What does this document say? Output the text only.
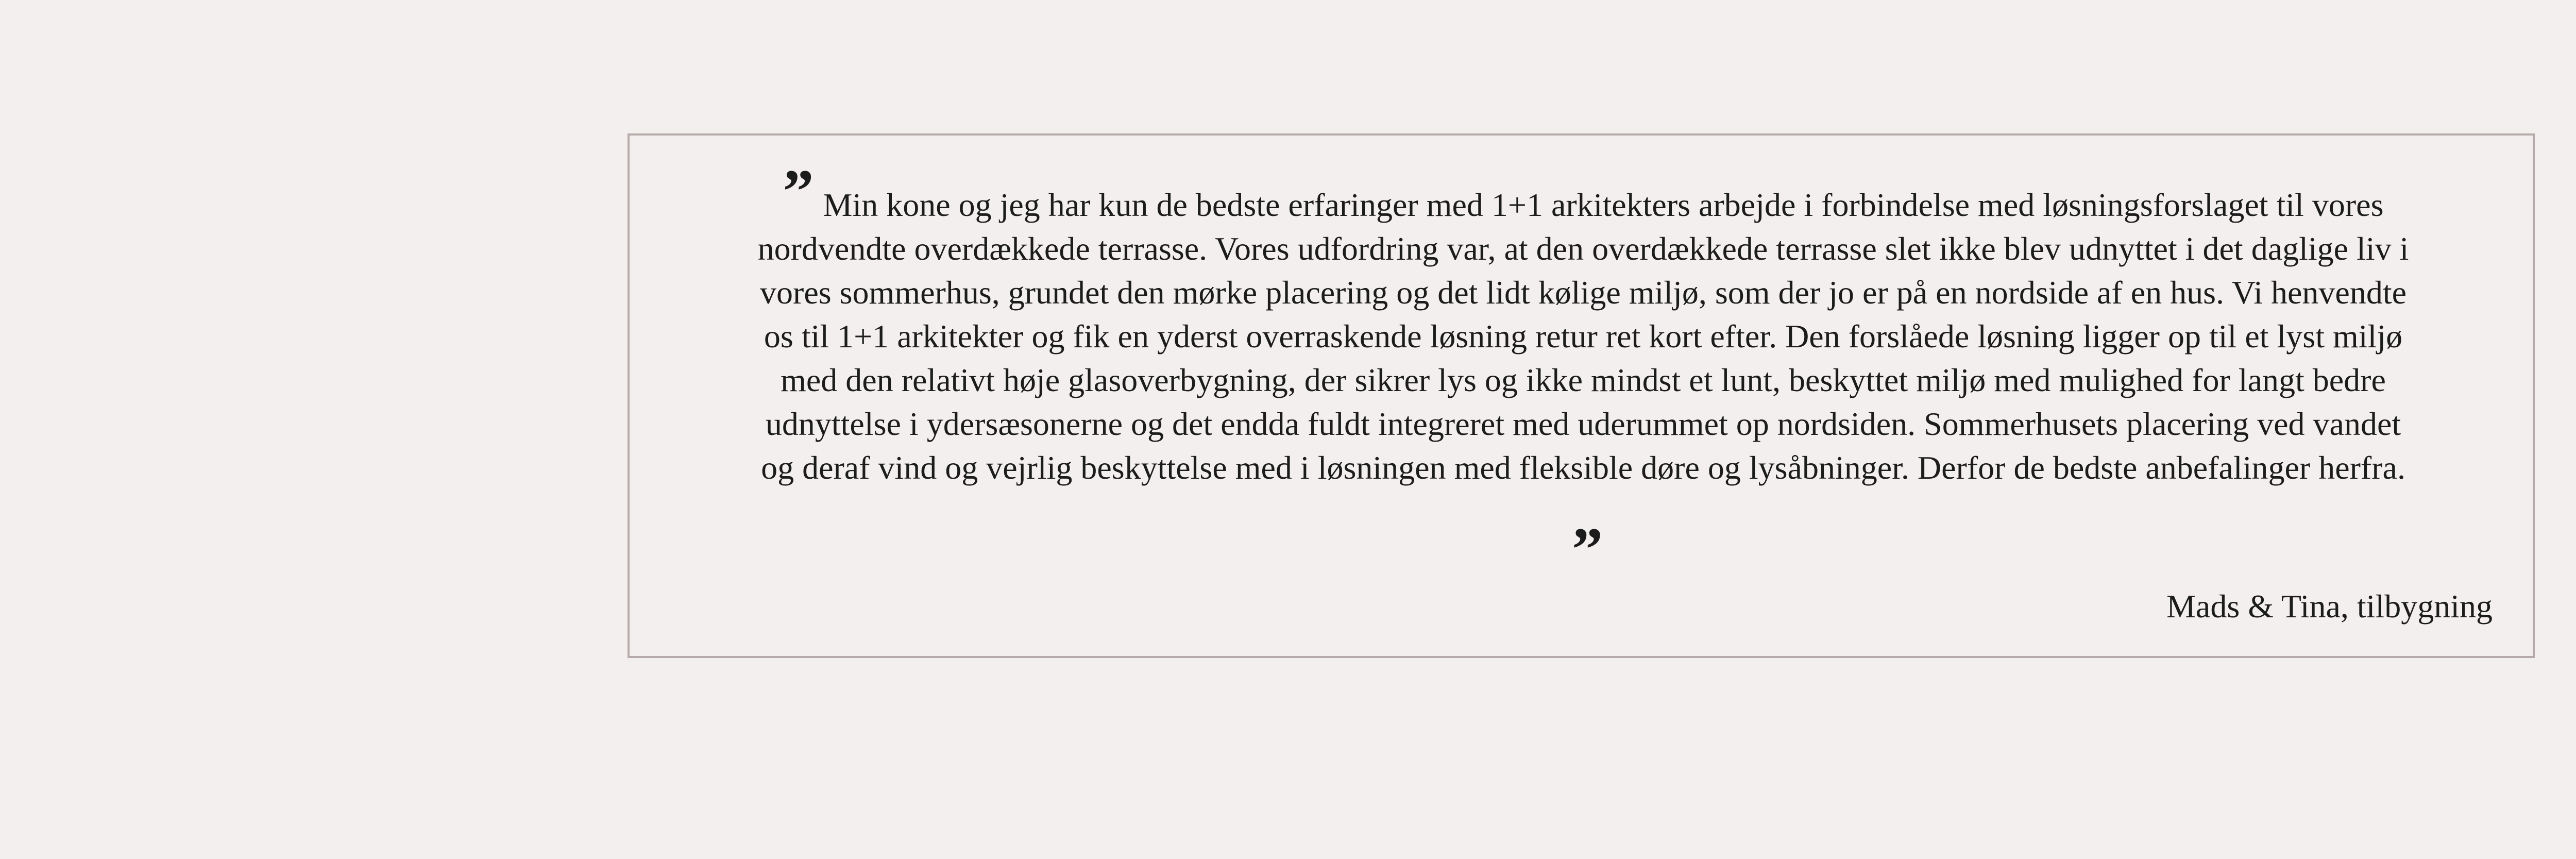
” Min kone og jeg har kun de bedste erfaringer med 1+1 arkitekters arbejde i forbindelse med løsningsforslaget til vores nordvendte overdækkede terrasse. Vores udfordring var, at den overdækkede terrasse slet ikke blev udnyttet i det daglige liv i vores sommerhus, grundet den mørke placering og det lidt kølige miljø, som der jo er på en nordside af en hus. Vi henvendte os til 1+1 arkitekter og fik en yderst overraskende løsning retur ret kort efter. Den forslåede løsning ligger op til et lyst miljø med den relativt høje glasoverbygning, der sikrer lys og ikke mindst et lunt, beskyttet miljø med mulighed for langt bedre udnyttelse i ydersæsonerne og det endda fuldt integreret med uderummet op nordsiden. Sommerhusets placering ved vandet og deraf vind og vejrlig beskyttelse med i løsningen med fleksible døre og lysåbninger. Derfor de bedste anbefalinger herfra.„

Mads & Tina, tilbygning
